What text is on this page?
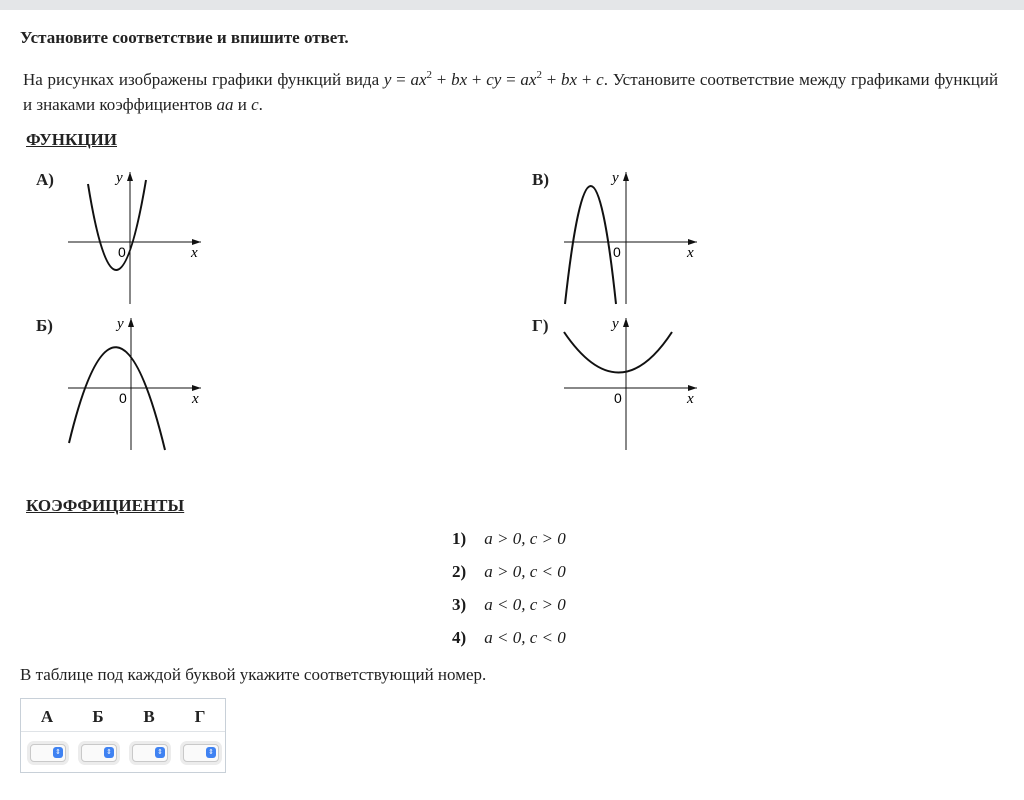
Установите соответствие и впишите ответ.
На рисунках изображены графики функций вида $y = ax^2$ + bx + cy = $ax^2$ + bx + c. Установите соответствие между графиками функций и знаками коэффициентов aa и c.
ФУНКЦИИ
А)	y
x
0
Б)	y
x
0
В)	y
x
0
Г)	y
x
0
КОЭФФИЦИЕНТЫ
1) a > 0, c > 0
2) a > 0, c < 0
3) a < 0, c > 0
4) a < 0, c < 0
В таблице под каждой буквой укажите соответствующий номер.
А	Б	В	Г
⇕	⇕	⇕	⇕
